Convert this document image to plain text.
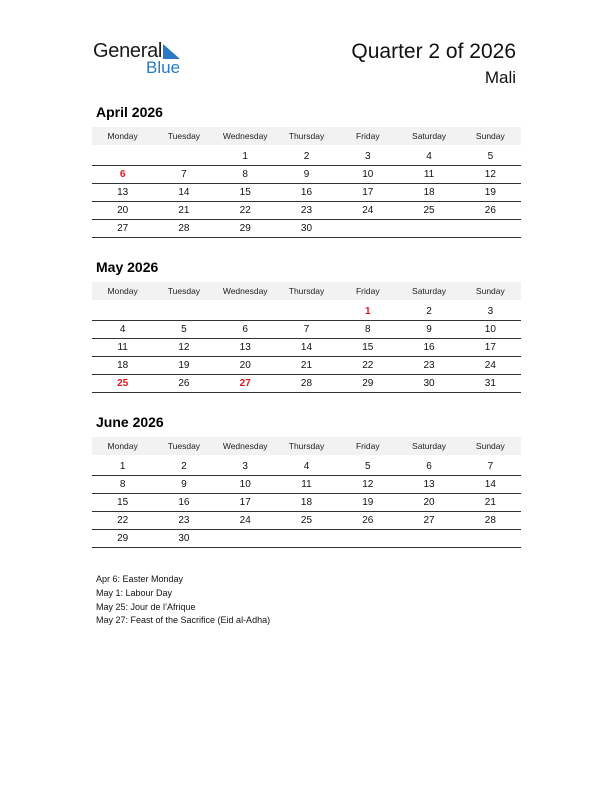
General
Blue
Quarter 2 of 2026
Mali
April 2026
Monday	Tuesday	Wednesday	Thursday	Friday	Saturday	Sunday

		1	2	3	4	5
6	7	8	9	10	11	12
13	14	15	16	17	18	19
20	21	22	23	24	25	26
27	28	29	30			
May 2026
Monday	Tuesday	Wednesday	Thursday	Friday	Saturday	Sunday

				1	2	3
4	5	6	7	8	9	10
11	12	13	14	15	16	17
18	19	20	21	22	23	24
25	26	27	28	29	30	31
June 2026
Monday	Tuesday	Wednesday	Thursday	Friday	Saturday	Sunday

1	2	3	4	5	6	7
8	9	10	11	12	13	14
15	16	17	18	19	20	21
22	23	24	25	26	27	28
29	30					
Apr 6: Easter Monday
May 1: Labour Day
May 25: Jour de l’Afrique
May 27: Feast of the Sacrifice (Eid al-Adha)
